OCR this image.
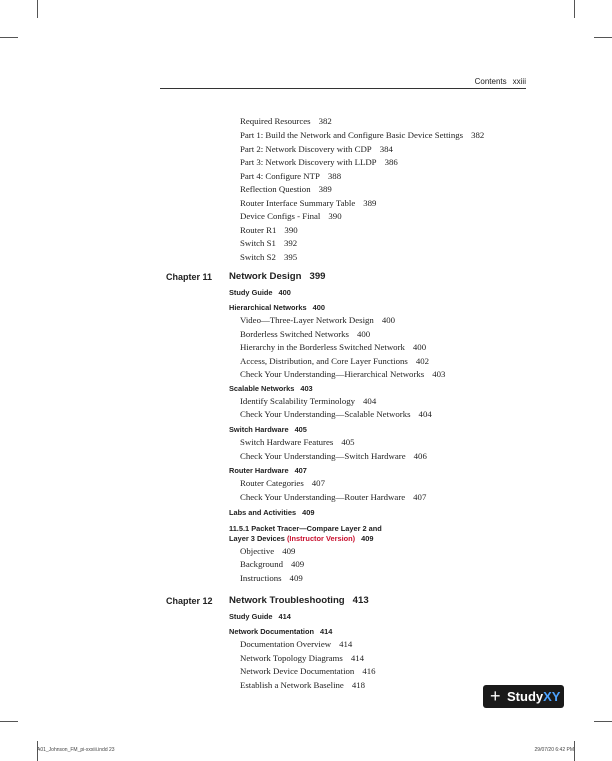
Contents xxiii
Required Resources 382
Part 1: Build the Network and Configure Basic Device Settings 382
Part 2: Network Discovery with CDP 384
Part 3: Network Discovery with LLDP 386
Part 4: Configure NTP 388
Reflection Question 389
Router Interface Summary Table 389
Device Configs - Final 390
Router R1 390
Switch S1 392
Switch S2 395
Chapter 11 Network Design 399
Study Guide 400
Hierarchical Networks 400
Video—Three-Layer Network Design 400
Borderless Switched Networks 400
Hierarchy in the Borderless Switched Network 400
Access, Distribution, and Core Layer Functions 402
Check Your Understanding—Hierarchical Networks 403
Scalable Networks 403
Identify Scalability Terminology 404
Check Your Understanding—Scalable Networks 404
Switch Hardware 405
Switch Hardware Features 405
Check Your Understanding—Switch Hardware 406
Router Hardware 407
Router Categories 407
Check Your Understanding—Router Hardware 407
Labs and Activities 409
11.5.1 Packet Tracer—Compare Layer 2 and
Layer 3 Devices (Instructor Version) 409
Objective 409
Background 409
Instructions 409
Chapter 12 Network Troubleshooting 413
Study Guide 414
Network Documentation 414
Documentation Overview 414
Network Topology Diagrams 414
Network Device Documentation 416
Establish a Network Baseline 418
+ StudyXY
A01_Johnson_FM_pi-xxxiii.indd 23	29/07/20 6:42 PM
